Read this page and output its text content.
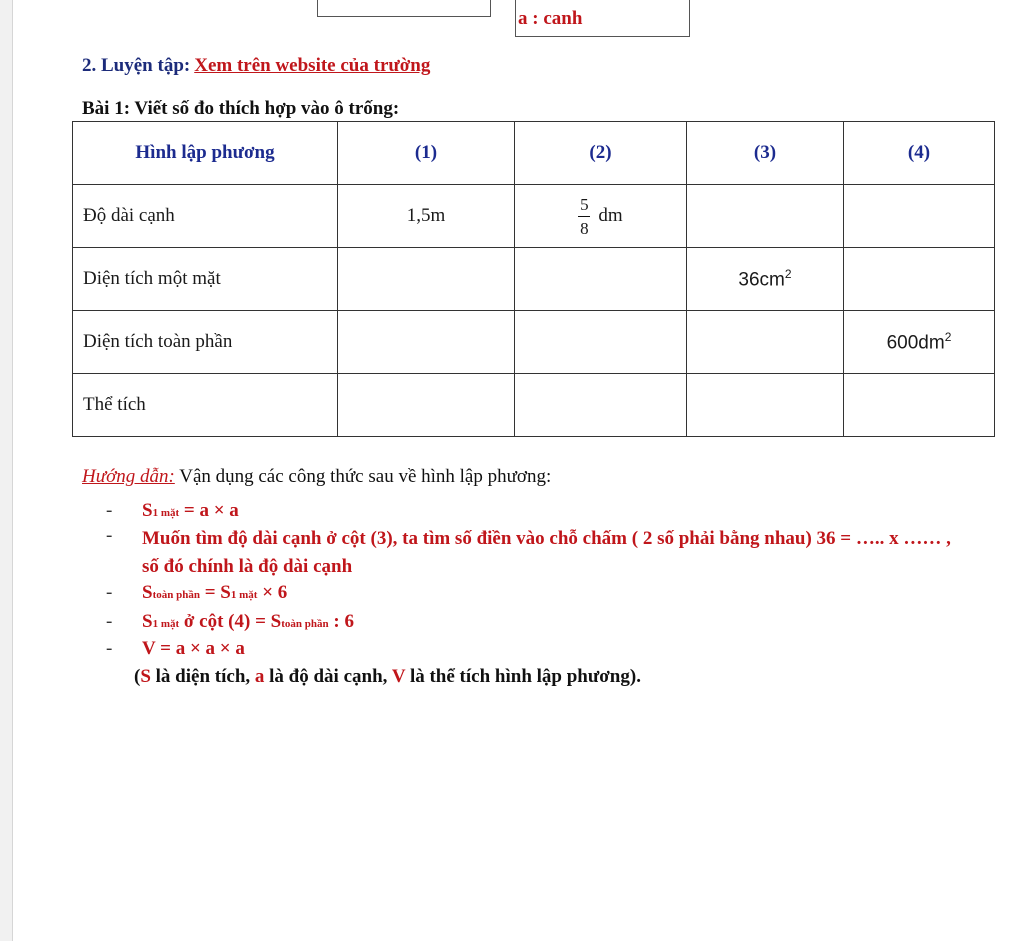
a : canh
2. Luyện tập: Xem trên website của trường
Bài 1: Viết số đo thích hợp vào ô trống:
Hình lập phương	(1)	(2)	(3)	(4)
Độ dài cạnh	1,5m	$\frac{5}{8}$ dm		
Diện tích một mặt			$36cm^2$	
Diện tích toàn phần				$600dm^2$
Thể tích				
Hướng dẫn: Vận dụng các công thức sau về hình lập phương:
- S1 mặt = a × a
- Muốn tìm độ dài cạnh ở cột (3), ta tìm số điền vào chỗ chấm ( 2 số phải bằng nhau) 36 = ….. x …… , số đó chính là độ dài cạnh
- Stoàn phần = S1 mặt × 6
- S1 mặt ở cột (4) = Stoàn phần : 6
- V = a × a × a
(S là diện tích, a là độ dài cạnh, V là thể tích hình lập phương).
